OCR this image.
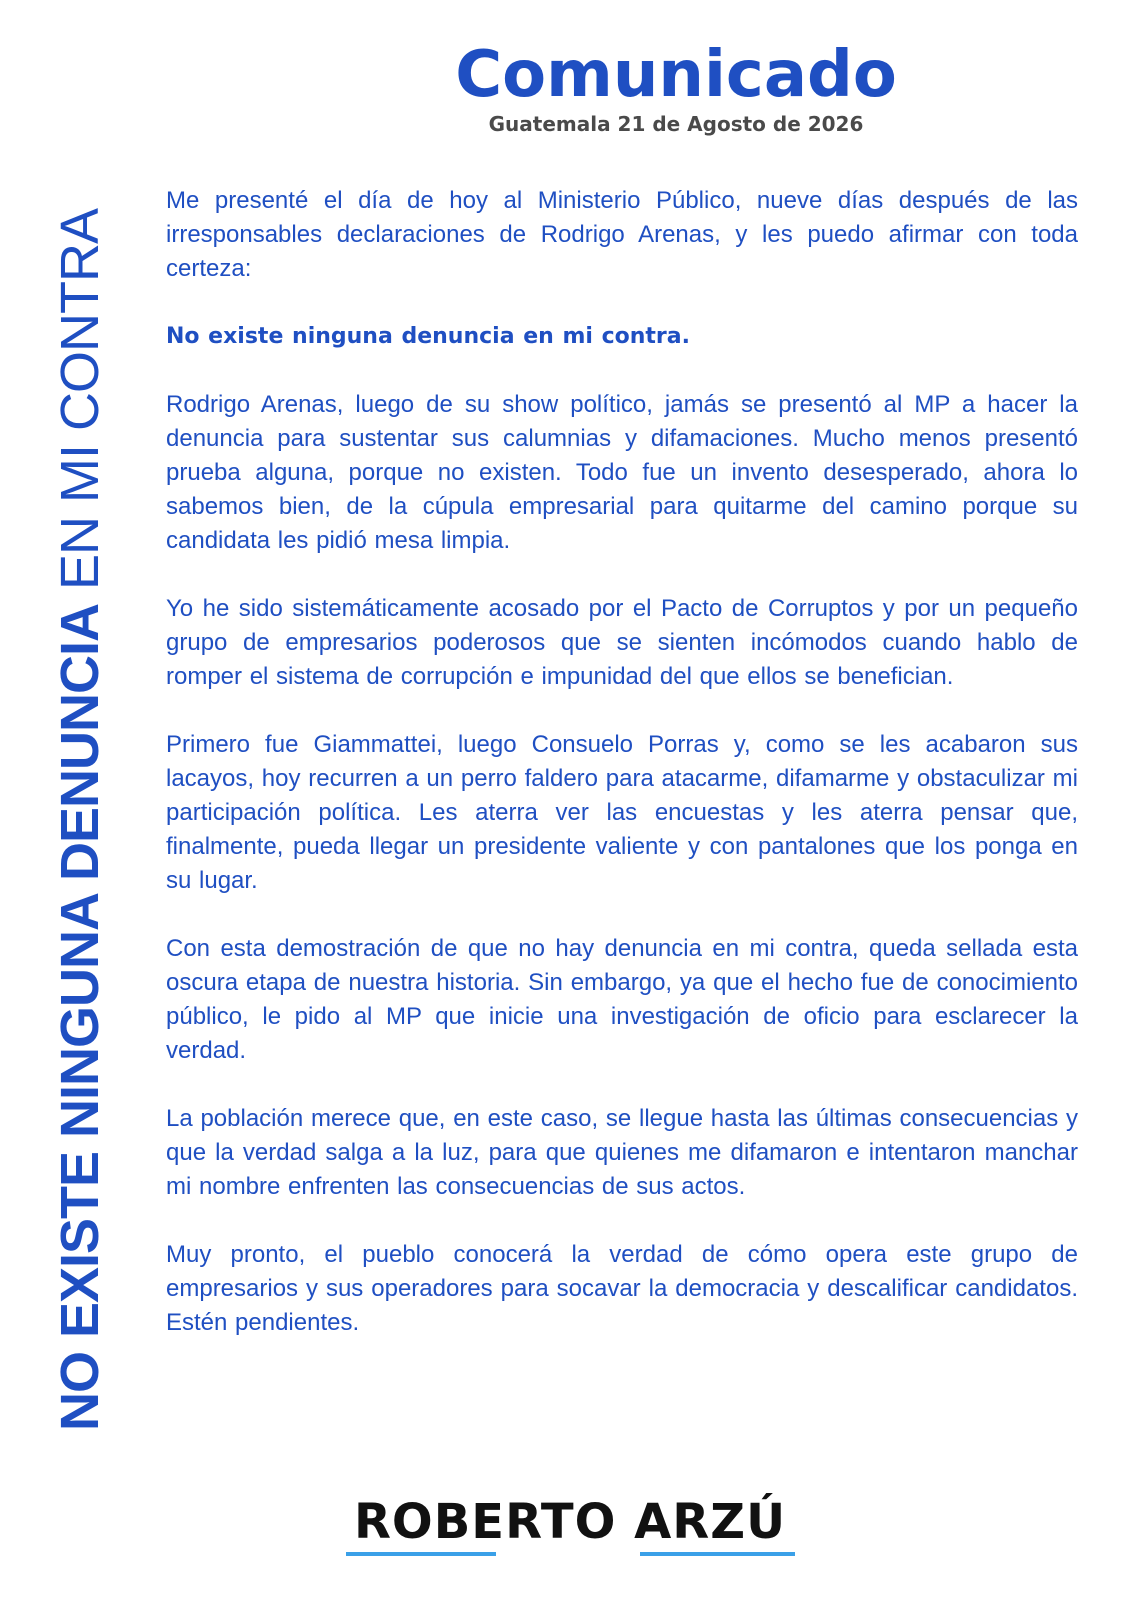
NO EXISTE NINGUNA DENUNCIA EN MI CONTRA
Comunicado
Guatemala 21 de Agosto de 2026

Me presenté el día de hoy al Ministerio Público, nueve días después de las irresponsables declaraciones de Rodrigo Arenas, y les puedo afirmar con toda certeza:

No existe ninguna denuncia en mi contra.

Rodrigo Arenas, luego de su show político, jamás se presentó al MP a hacer la denuncia para sustentar sus calumnias y difamaciones. Mucho menos presentó prueba alguna, porque no existen. Todo fue un invento desesperado, ahora lo sabemos bien, de la cúpula empresarial para quitarme del camino porque su candidata les pidió mesa limpia.

Yo he sido sistemáticamente acosado por el Pacto de Corruptos y por un pequeño grupo de empresarios poderosos que se sienten incómodos cuando hablo de romper el sistema de corrupción e impunidad del que ellos se benefician.

Primero fue Giammattei, luego Consuelo Porras y, como se les acabaron sus lacayos, hoy recurren a un perro faldero para atacarme, difamarme y obstaculizar mi participación política. Les aterra ver las encuestas y les aterra pensar que, finalmente, pueda llegar un presidente valiente y con pantalones que los ponga en su lugar.

Con esta demostración de que no hay denuncia en mi contra, queda sellada esta oscura etapa de nuestra historia. Sin embargo, ya que el hecho fue de conocimiento público, le pido al MP que inicie una investigación de oficio para esclarecer la verdad.

La población merece que, en este caso, se llegue hasta las últimas consecuencias y que la verdad salga a la luz, para que quienes me difamaron e intentaron manchar mi nombre enfrenten las consecuencias de sus actos.

Muy pronto, el pueblo conocerá la verdad de cómo opera este grupo de empresarios y sus operadores para socavar la democracia y descalificar candidatos. Estén pendientes.

ROBERTO ARZÚ
